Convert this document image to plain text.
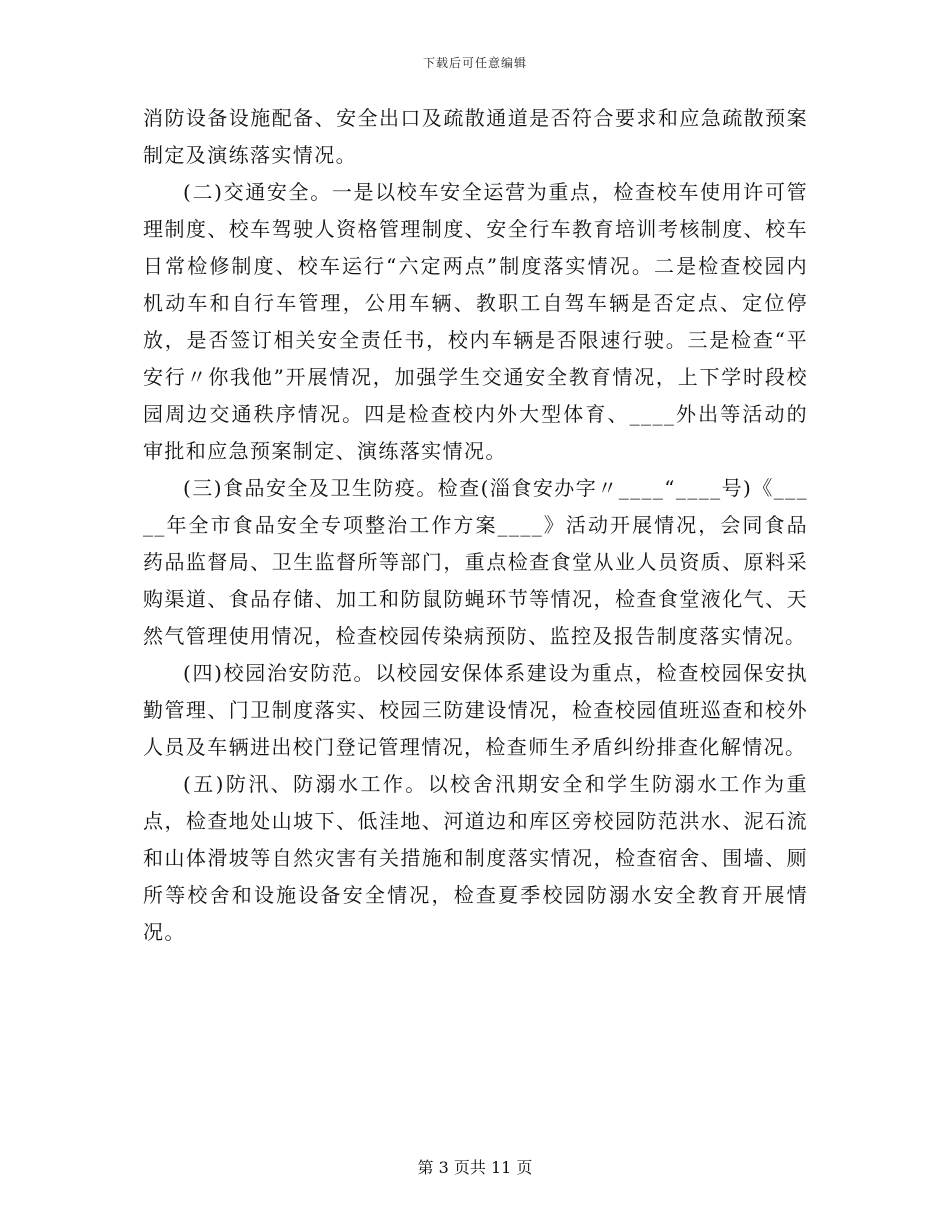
下载后可任意编辑

消防设备设施配备、安全出口及疏散通道是否符合要求和应急疏散预案制定及演练落实情况。

(二)交通安全。一是以校车安全运营为重点，检查校车使用许可管理制度、校车驾驶人资格管理制度、安全行车教育培训考核制度、校车日常检修制度、校车运行“六定两点”制度落实情况。二是检查校园内机动车和自行车管理，公用车辆、教职工自驾车辆是否定点、定位停放，是否签订相关安全责任书，校内车辆是否限速行驶。三是检查“平安行〃你我他”开展情况，加强学生交通安全教育情况，上下学时段校园周边交通秩序情况。四是检查校内外大型体育、____外出等活动的审批和应急预案制定、演练落实情况。

(三)食品安全及卫生防疫。检查(淄食安办字〃____“____号)《_____年全市食品安全专项整治工作方案____》活动开展情况，会同食品药品监督局、卫生监督所等部门，重点检查食堂从业人员资质、原料采购渠道、食品存储、加工和防鼠防蝇环节等情况，检查食堂液化气、天然气管理使用情况，检查校园传染病预防、监控及报告制度落实情况。

(四)校园治安防范。以校园安保体系建设为重点，检查校园保安执勤管理、门卫制度落实、校园三防建设情况，检查校园值班巡查和校外人员及车辆进出校门登记管理情况，检查师生矛盾纠纷排查化解情况。

(五)防汛、防溺水工作。以校舍汛期安全和学生防溺水工作为重点，检查地处山坡下、低洼地、河道边和库区旁校园防范洪水、泥石流和山体滑坡等自然灾害有关措施和制度落实情况，检查宿舍、围墙、厕所等校舍和设施设备安全情况，检查夏季校园防溺水安全教育开展情况。

第 3 页共 11 页
